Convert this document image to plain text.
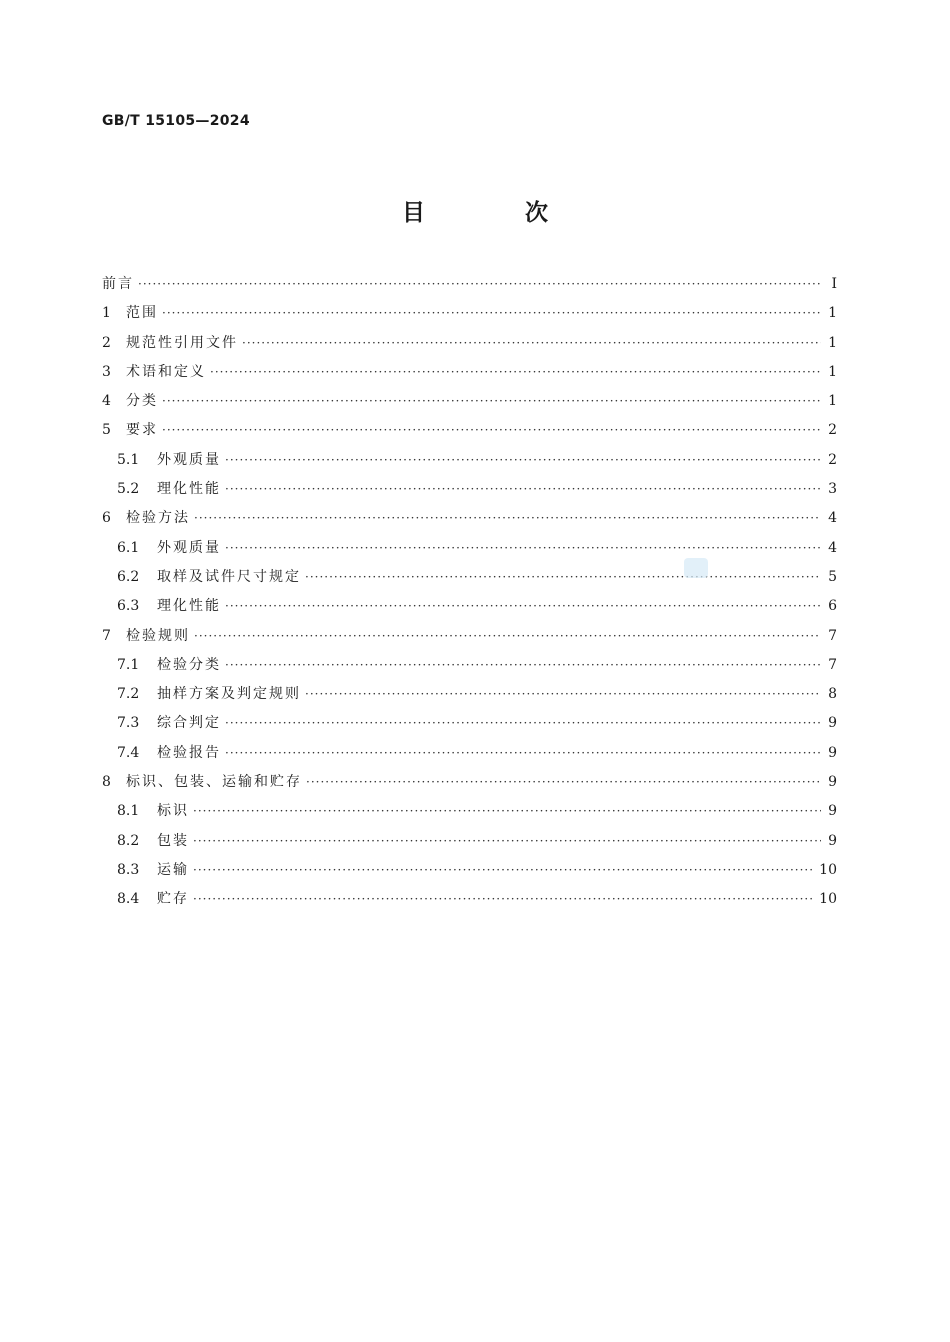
GB/T 15105—2024
目 次
前言 ·····	I
1	范围 ·····	1
2	规范性引用文件 ·····	1
3	术语和定义 ·····	1
4	分类 ·····	1
5	要求 ·····	2
5.1	外观质量 ·····	2
5.2	理化性能 ·····	3
6	检验方法 ·····	4
6.1	外观质量 ·····	4
6.2	取样及试件尺寸规定 ·····	5
6.3	理化性能 ·····	6
7	检验规则 ·····	7
7.1	检验分类 ·····	7
7.2	抽样方案及判定规则 ·····	8
7.3	综合判定 ·····	9
7.4	检验报告 ·····	9
8	标识、包装、运输和贮存 ·····	9
8.1	标识 ·····	9
8.2	包装 ·····	9
8.3	运输 ·····	10
8.4	贮存 ·····	10
